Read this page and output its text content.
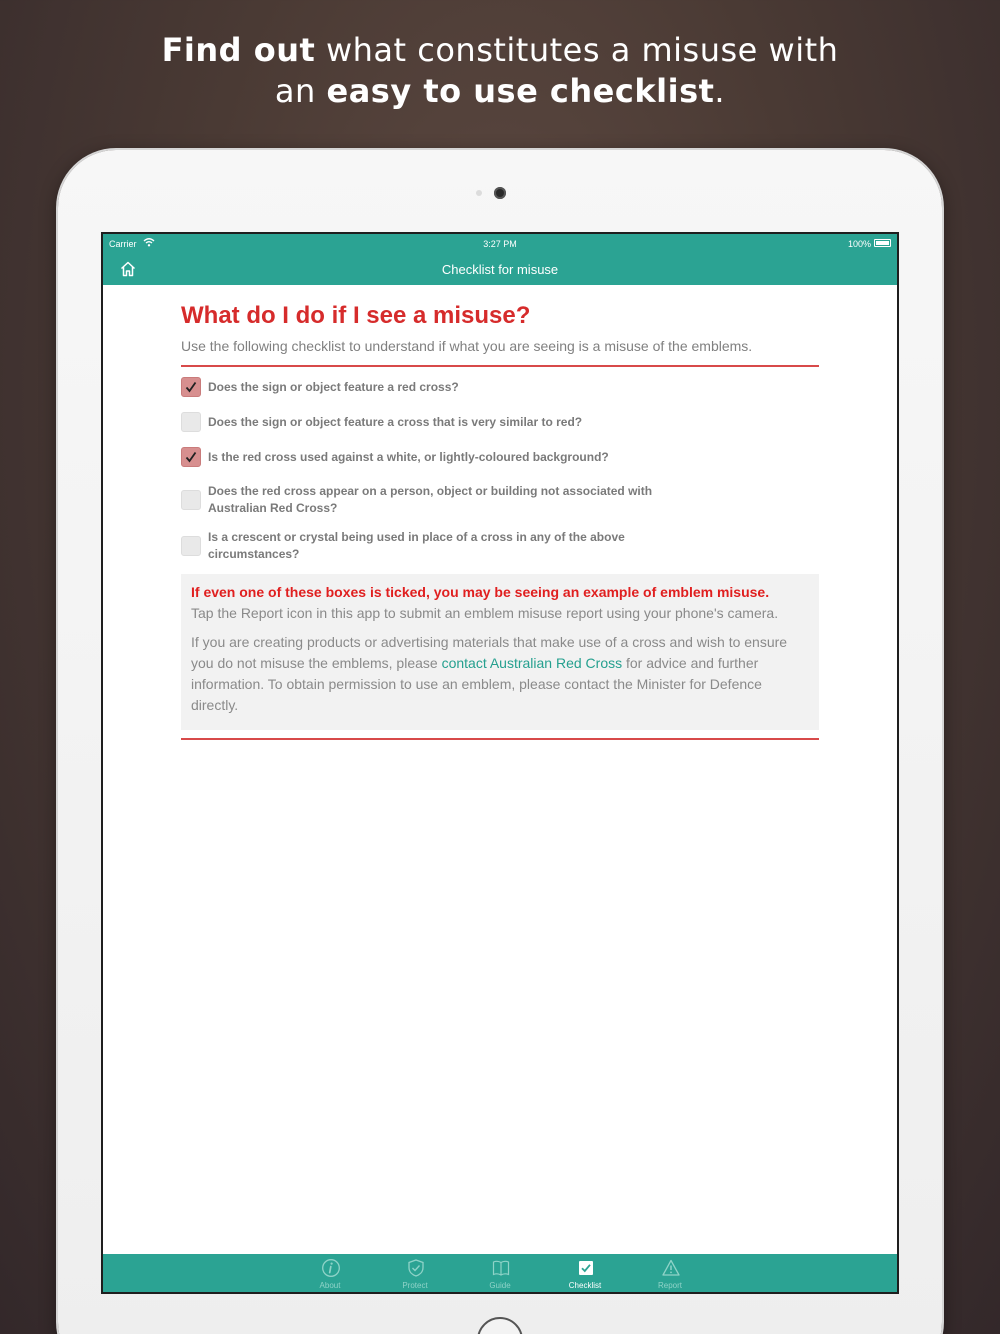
Find out what constitutes a misuse with
an easy to use checklist.
Carrier	3:27 PM	100%
Checklist for misuse
What do I do if I see a misuse?

Use the following checklist to understand if what you are seeing is a misuse of the emblems.

Does the sign or object feature a red cross?
Does the sign or object feature a cross that is very similar to red?
Is the red cross used against a white, or lightly-coloured background?
Does the red cross appear on a person, object or building not associated with Australian Red Cross?
Is a crescent or crystal being used in place of a cross in any of the above circumstances?

If even one of these boxes is ticked, you may be seeing an example of emblem misuse.
Tap the Report icon in this app to submit an emblem misuse report using your phone's camera.

If you are creating products or advertising materials that make use of a cross and wish to ensure you do not misuse the emblems, please contact Australian Red Cross for advice and further information. To obtain permission to use an emblem, please contact the Minister for Defence directly.

About	Protect	Guide	Checklist	Report
